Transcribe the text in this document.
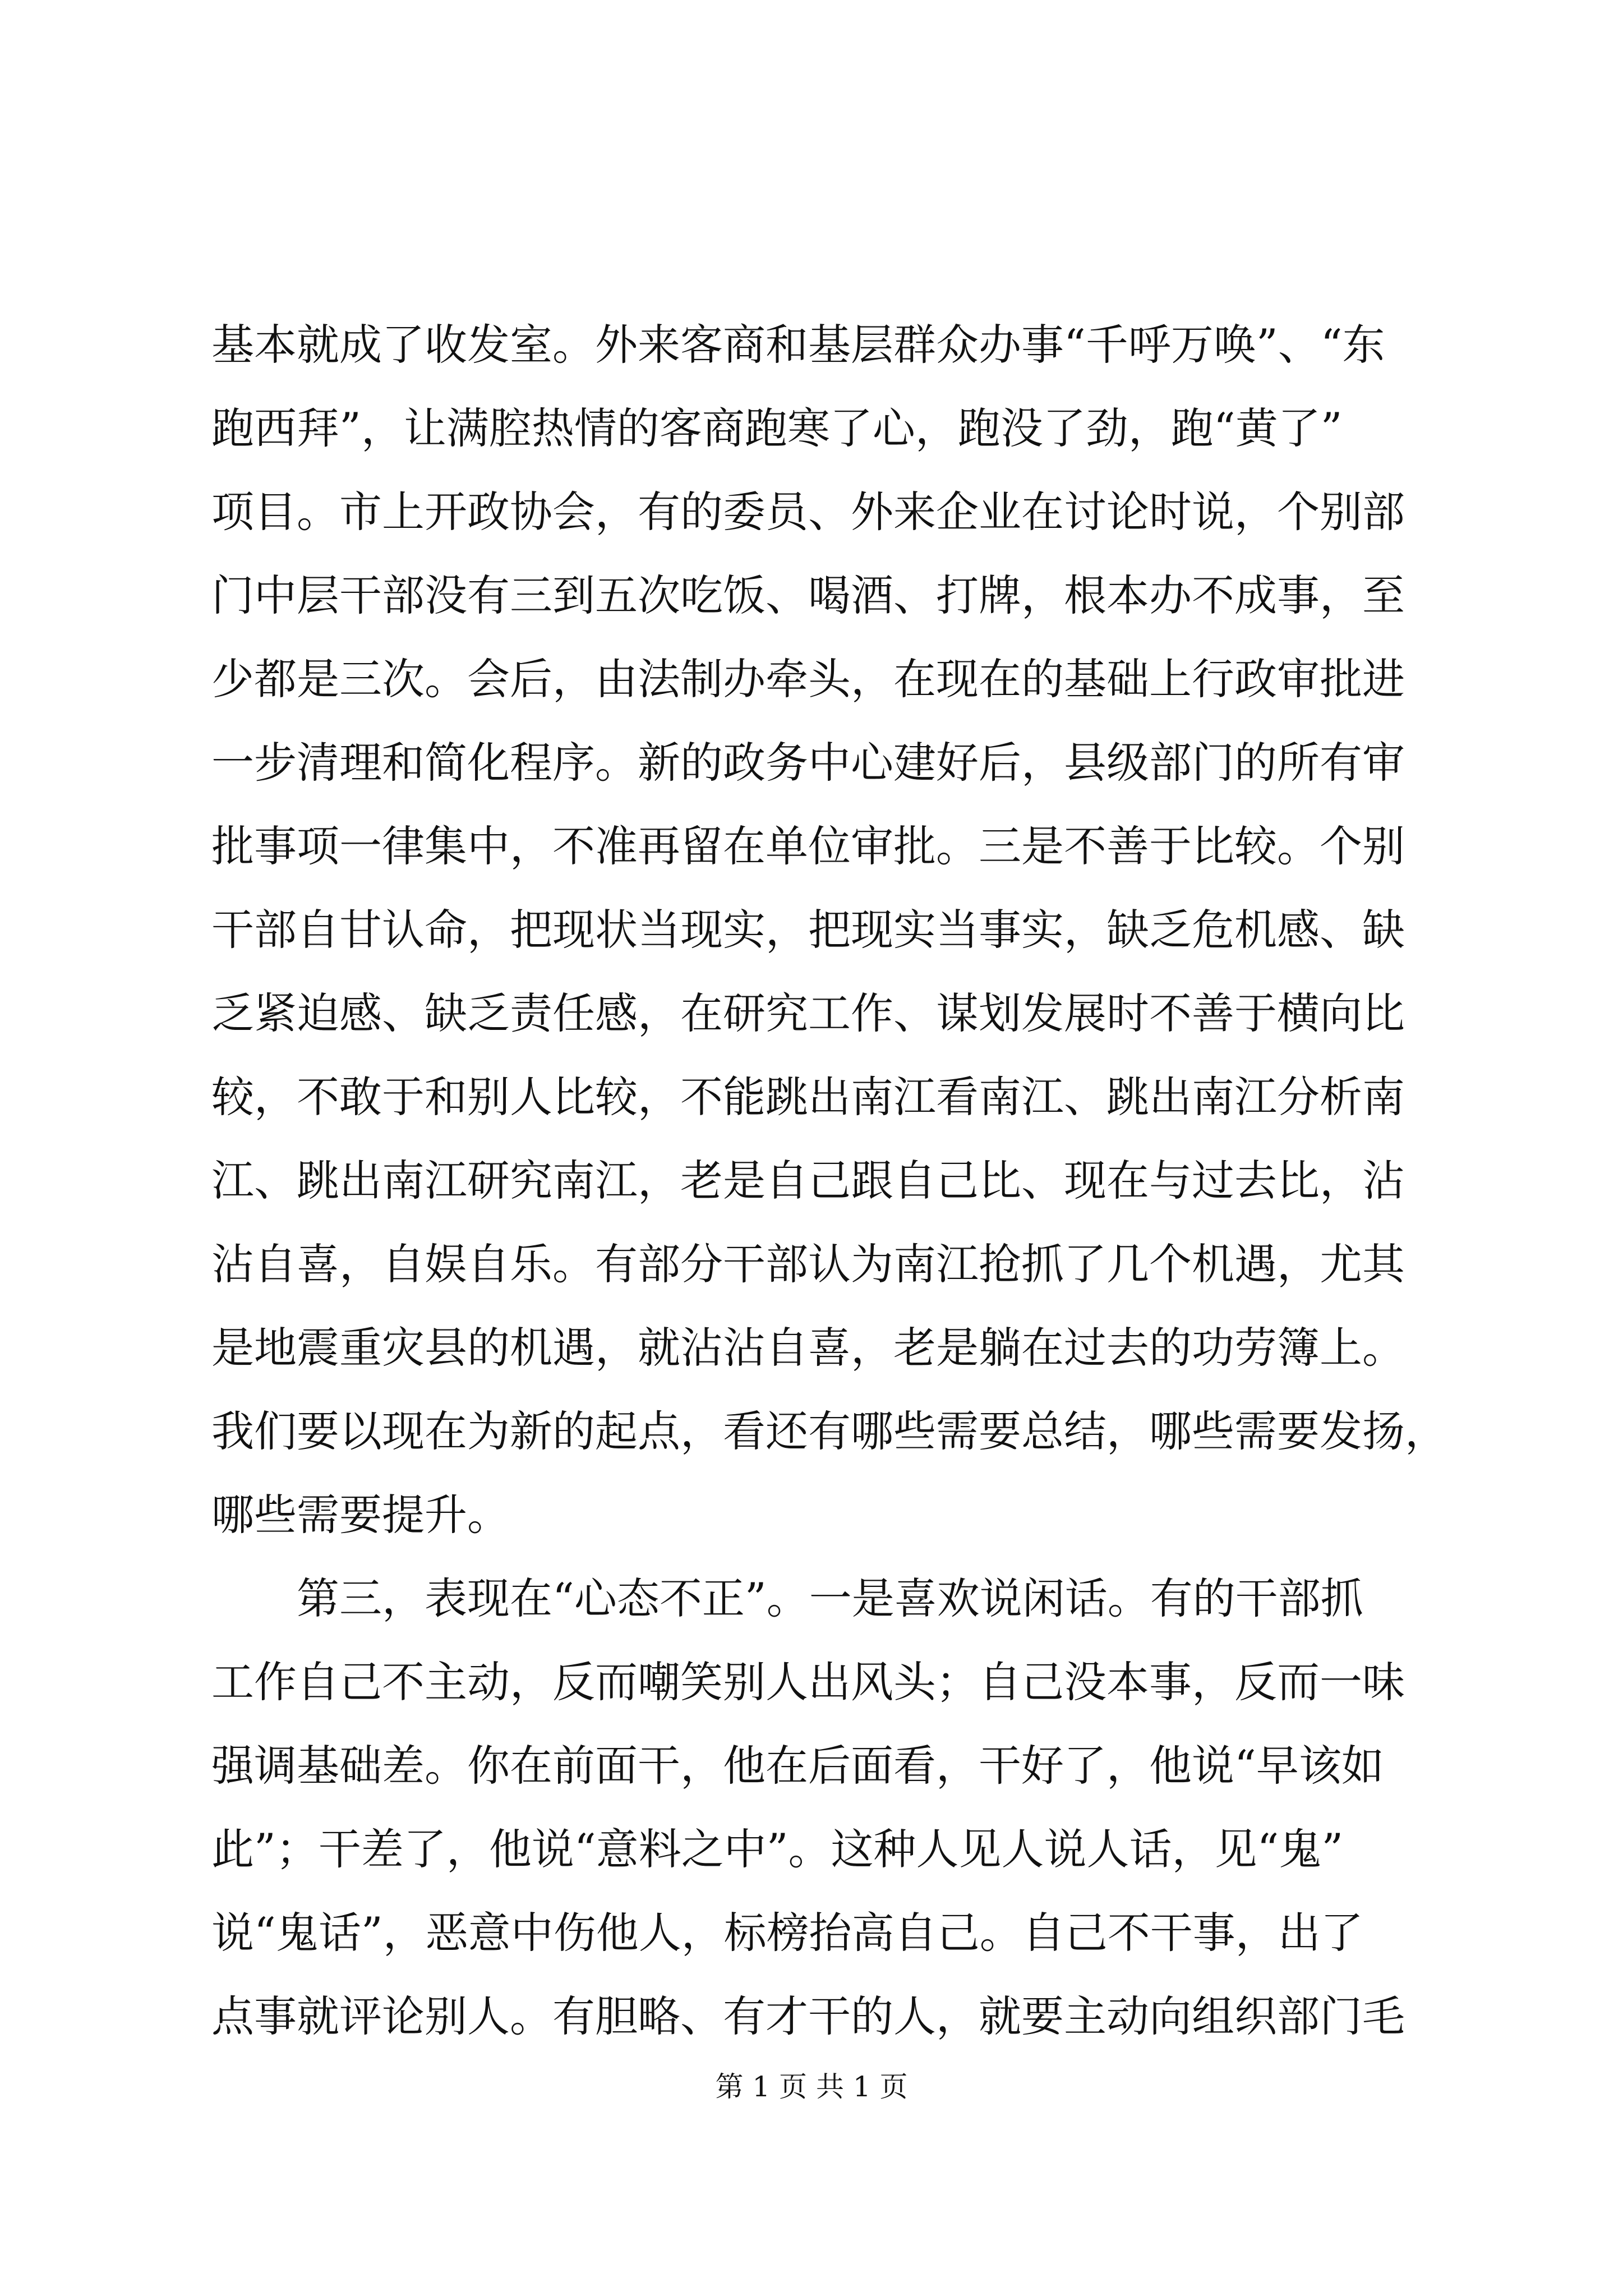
基本就成了收发室。外来客商和基层群众办事“千呼万唤”、“东
跑西拜”，让满腔热情的客商跑寒了心，跑没了劲，跑“黄了”
项目。市上开政协会，有的委员、外来企业在讨论时说，个别部
门中层干部没有三到五次吃饭、喝酒、打牌，根本办不成事，至
少都是三次。会后，由法制办牵头，在现在的基础上行政审批进
一步清理和简化程序。新的政务中心建好后，县级部门的所有审
批事项一律集中，不准再留在单位审批。三是不善于比较。个别
干部自甘认命，把现状当现实，把现实当事实，缺乏危机感、缺
乏紧迫感、缺乏责任感，在研究工作、谋划发展时不善于横向比
较，不敢于和别人比较，不能跳出南江看南江、跳出南江分析南
江、跳出南江研究南江，老是自己跟自己比、现在与过去比，沾
沾自喜，自娱自乐。有部分干部认为南江抢抓了几个机遇，尤其
是地震重灾县的机遇，就沾沾自喜，老是躺在过去的功劳簿上。
我们要以现在为新的起点，看还有哪些需要总结，哪些需要发扬，
哪些需要提升。
第三，表现在“心态不正”。一是喜欢说闲话。有的干部抓
工作自己不主动，反而嘲笑别人出风头；自己没本事，反而一味
强调基础差。你在前面干，他在后面看，干好了，他说“早该如
此”；干差了，他说“意料之中”。这种人见人说人话，见“鬼”
说“鬼话”，恶意中伤他人，标榜抬高自己。自己不干事，出了
点事就评论别人。有胆略、有才干的人，就要主动向组织部门毛
第 1 页 共 1 页
